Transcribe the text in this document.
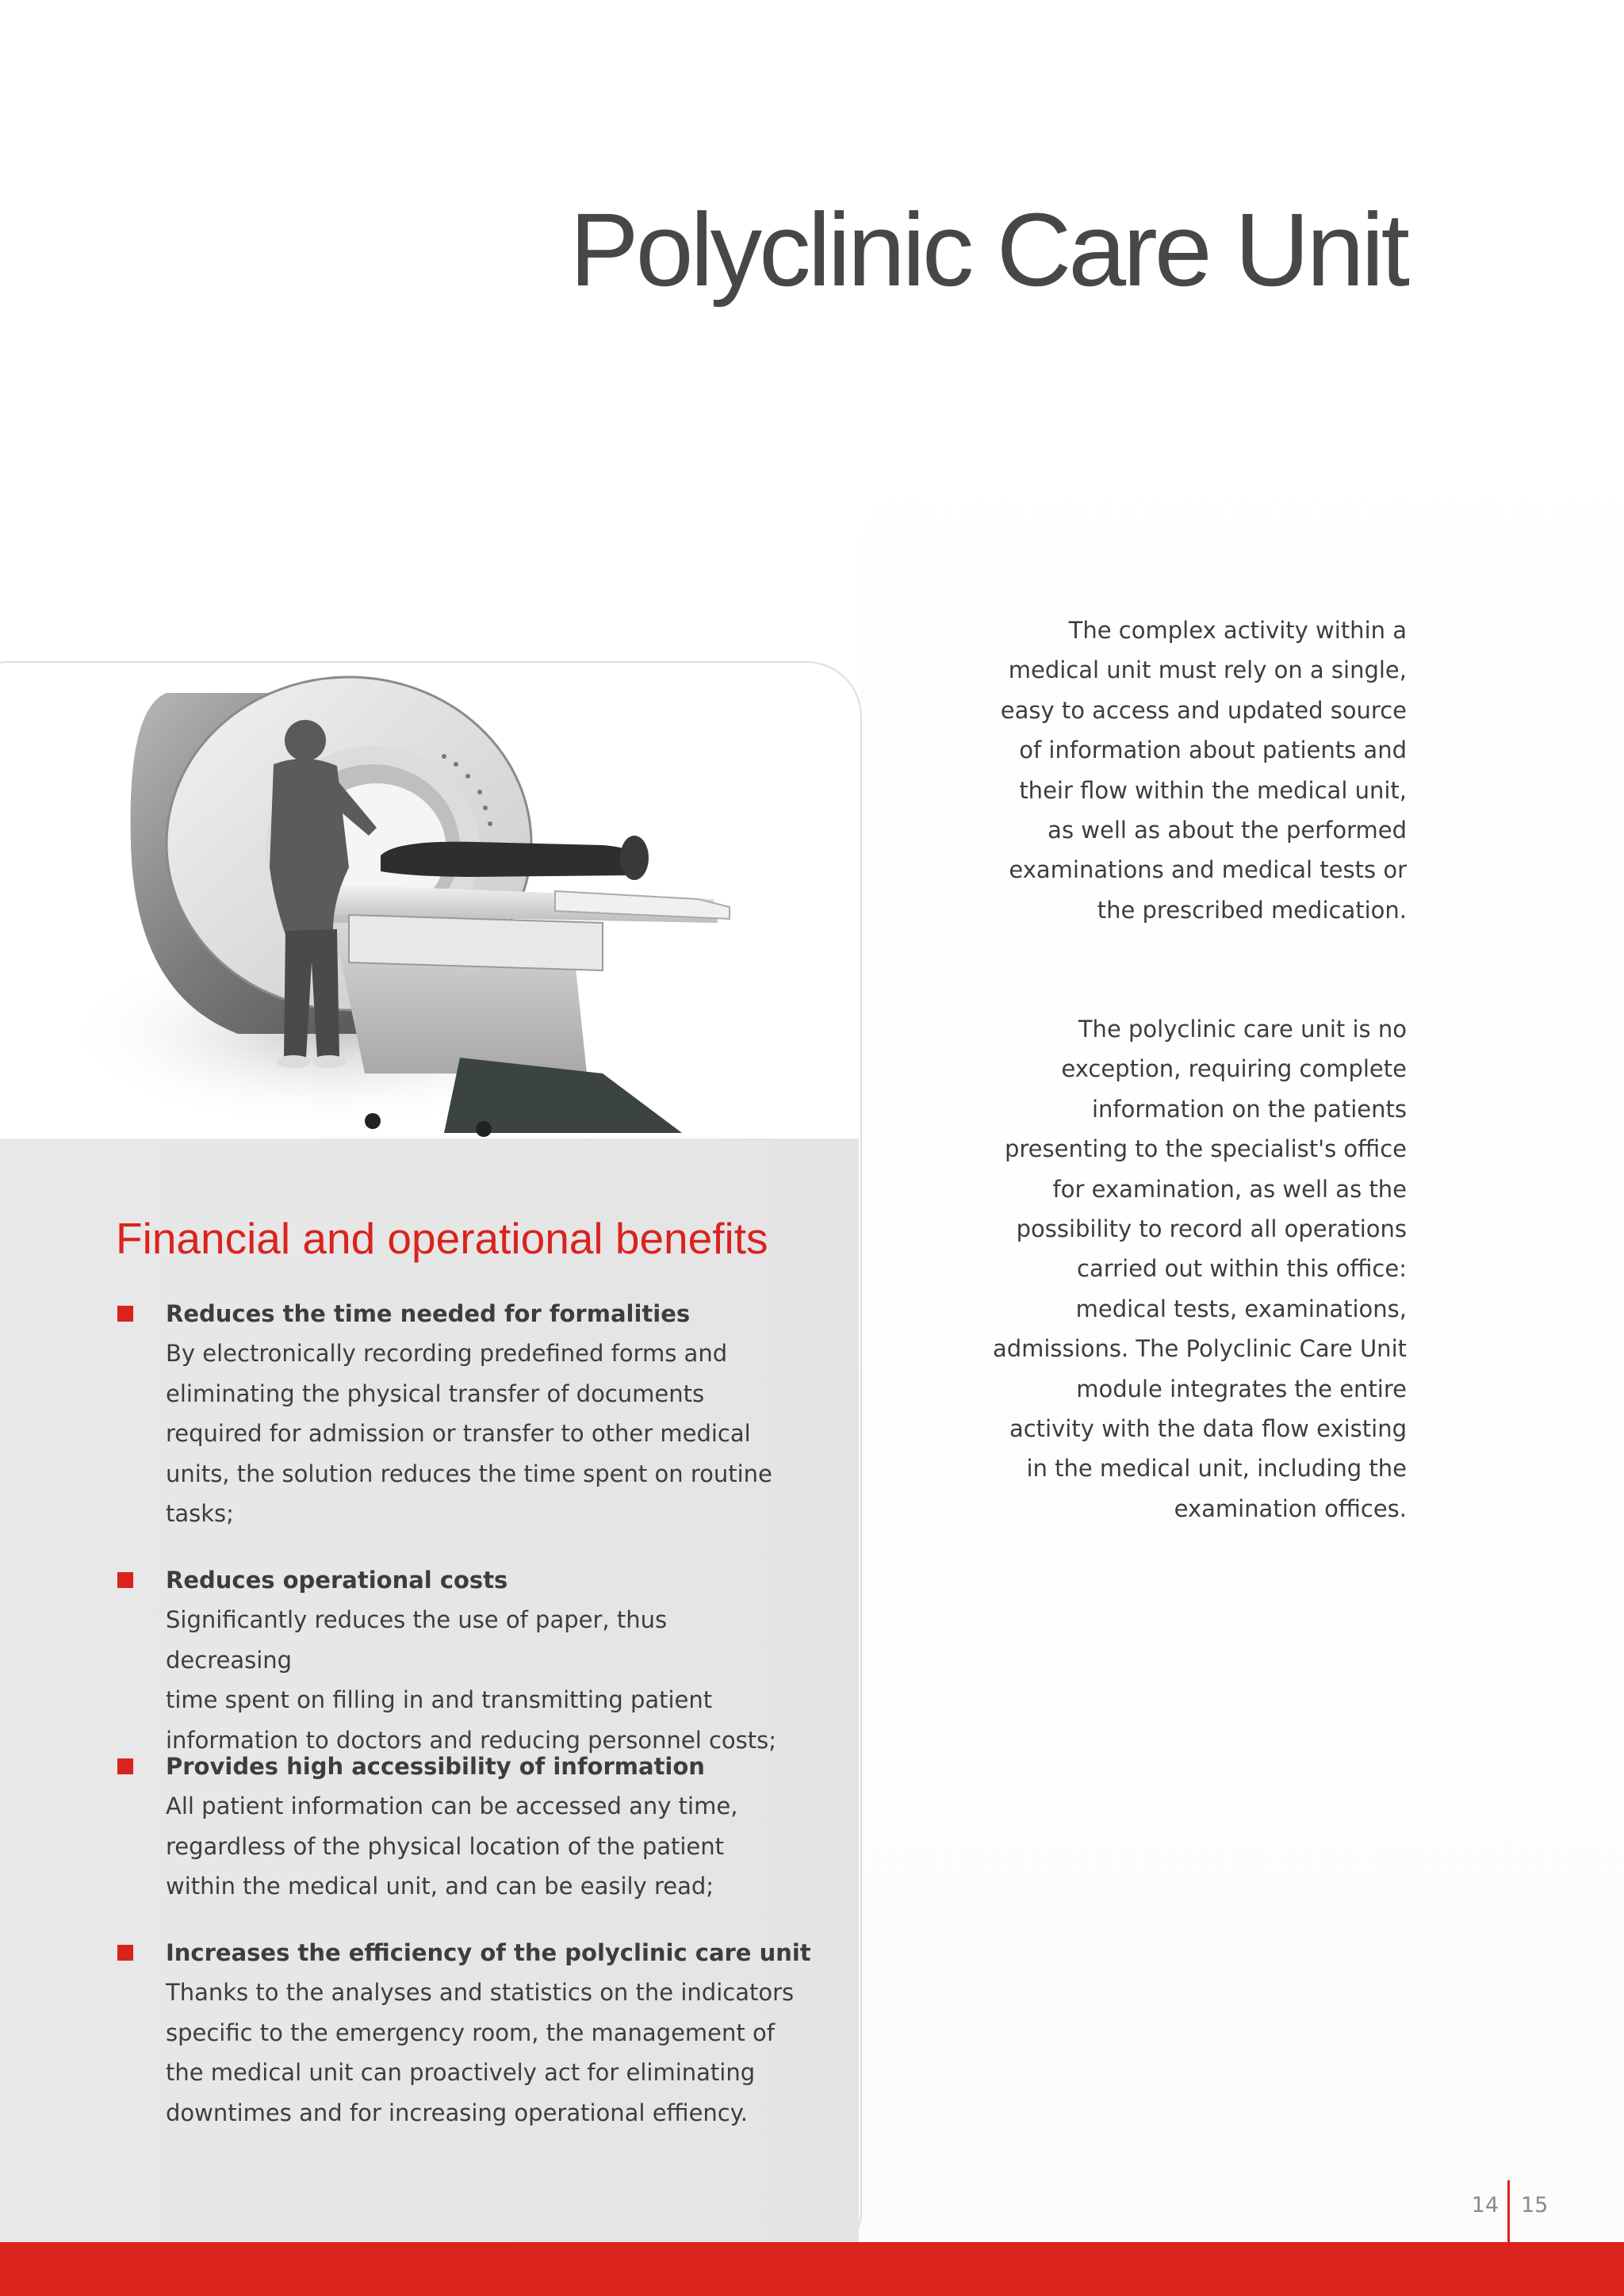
Polyclinic Care Unit

The complex activity within a
medical unit must rely on a single,
easy to access and updated source
of information about patients and
their flow within the medical unit,
as well as about the performed
examinations and medical tests or
the prescribed medication.

The polyclinic care unit is no
exception, requiring complete
information on the patients
presenting to the specialist's office
for examination, as well as the
possibility to record all operations
carried out within this office:
medical tests, examinations,
admissions. The Polyclinic Care Unit
module integrates the entire
activity with the data flow existing
in the medical unit, including the
examination offices.

Financial and operational benefits

Reduces the time needed for formalities

By electronically recording predefined forms and
eliminating the physical transfer of documents
required for admission or transfer to other medical
units, the solution reduces the time spent on routine
tasks;

Reduces operational costs

Significantly reduces the use of paper, thus decreasing
time spent on filling in and transmitting patient
information to doctors and reducing personnel costs;

Provides high accessibility of information

All patient information can be accessed any time,
regardless of the physical location of the patient
within the medical unit, and can be easily read;

Increases the efficiency of the polyclinic care unit

Thanks to the analyses and statistics on the indicators
specific to the emergency room, the management of
the medical unit can proactively act for eliminating
downtimes and for increasing operational effiency.

14 15
